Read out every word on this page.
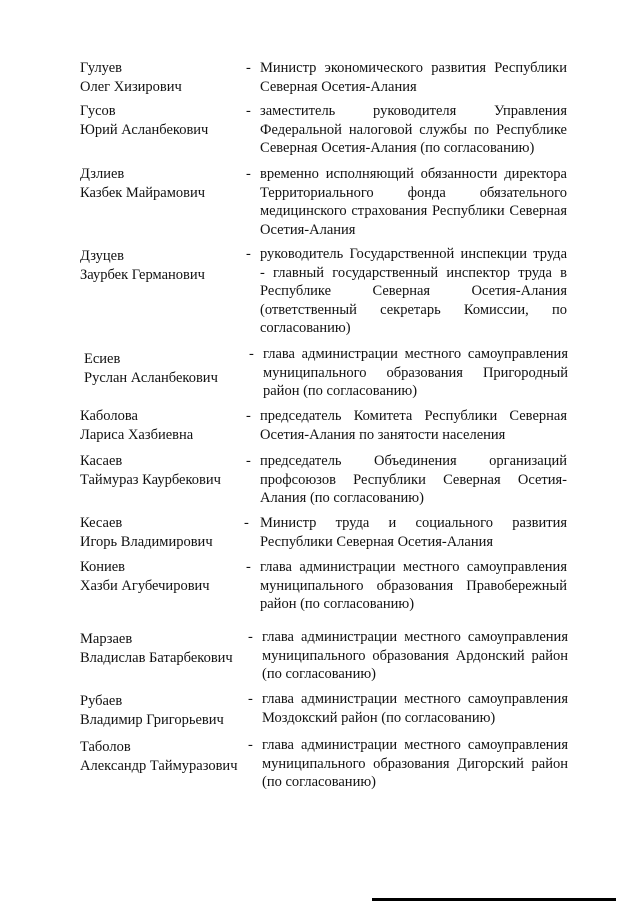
Гулуев
Олег Хизирович
- Министр экономического развития Республики Северная Осетия-Алания
Гусов
Юрий Асланбекович
- заместитель руководителя Управления Федеральной налоговой службы по Республике Северная Осетия-Алания (по согласованию)
Дзлиев
Казбек Майрамович
- временно исполняющий обязанности директора Территориального фонда обязательного медицинского страхования Республики Северная Осетия-Алания
Дзуцев
Заурбек Германович
- руководитель Государственной инспекции труда - главный государственный инспектор труда в Республике Северная Осетия-Алания (ответственный секретарь Комиссии, по согласованию)
Есиев
Руслан Асланбекович
- глава администрации местного самоуправления муниципального образования Пригородный район (по согласованию)
Каболова
Лариса Хазбиевна
- председатель Комитета Республики Северная Осетия-Алания по занятости населения
Касаев
Таймураз Каурбекович
- председатель Объединения организаций профсоюзов Республики Северная Осетия-Алания (по согласованию)
Кесаев
Игорь Владимирович
- Министр труда и социального развития Республики Северная Осетия-Алания
Кониев
Хазби Агубечирович
- глава администрации местного самоуправления муниципального образования Правобережный район (по согласованию)
Марзаев
Владислав Батарбекович
- глава администрации местного самоуправления муниципального образования Ардонский район (по согласованию)
Рубаев
Владимир Григорьевич
- глава администрации местного самоуправления Моздокский район (по согласованию)
Таболов
Александр Таймуразович
- глава администрации местного самоуправления муниципального образования Дигорский район (по согласованию)
